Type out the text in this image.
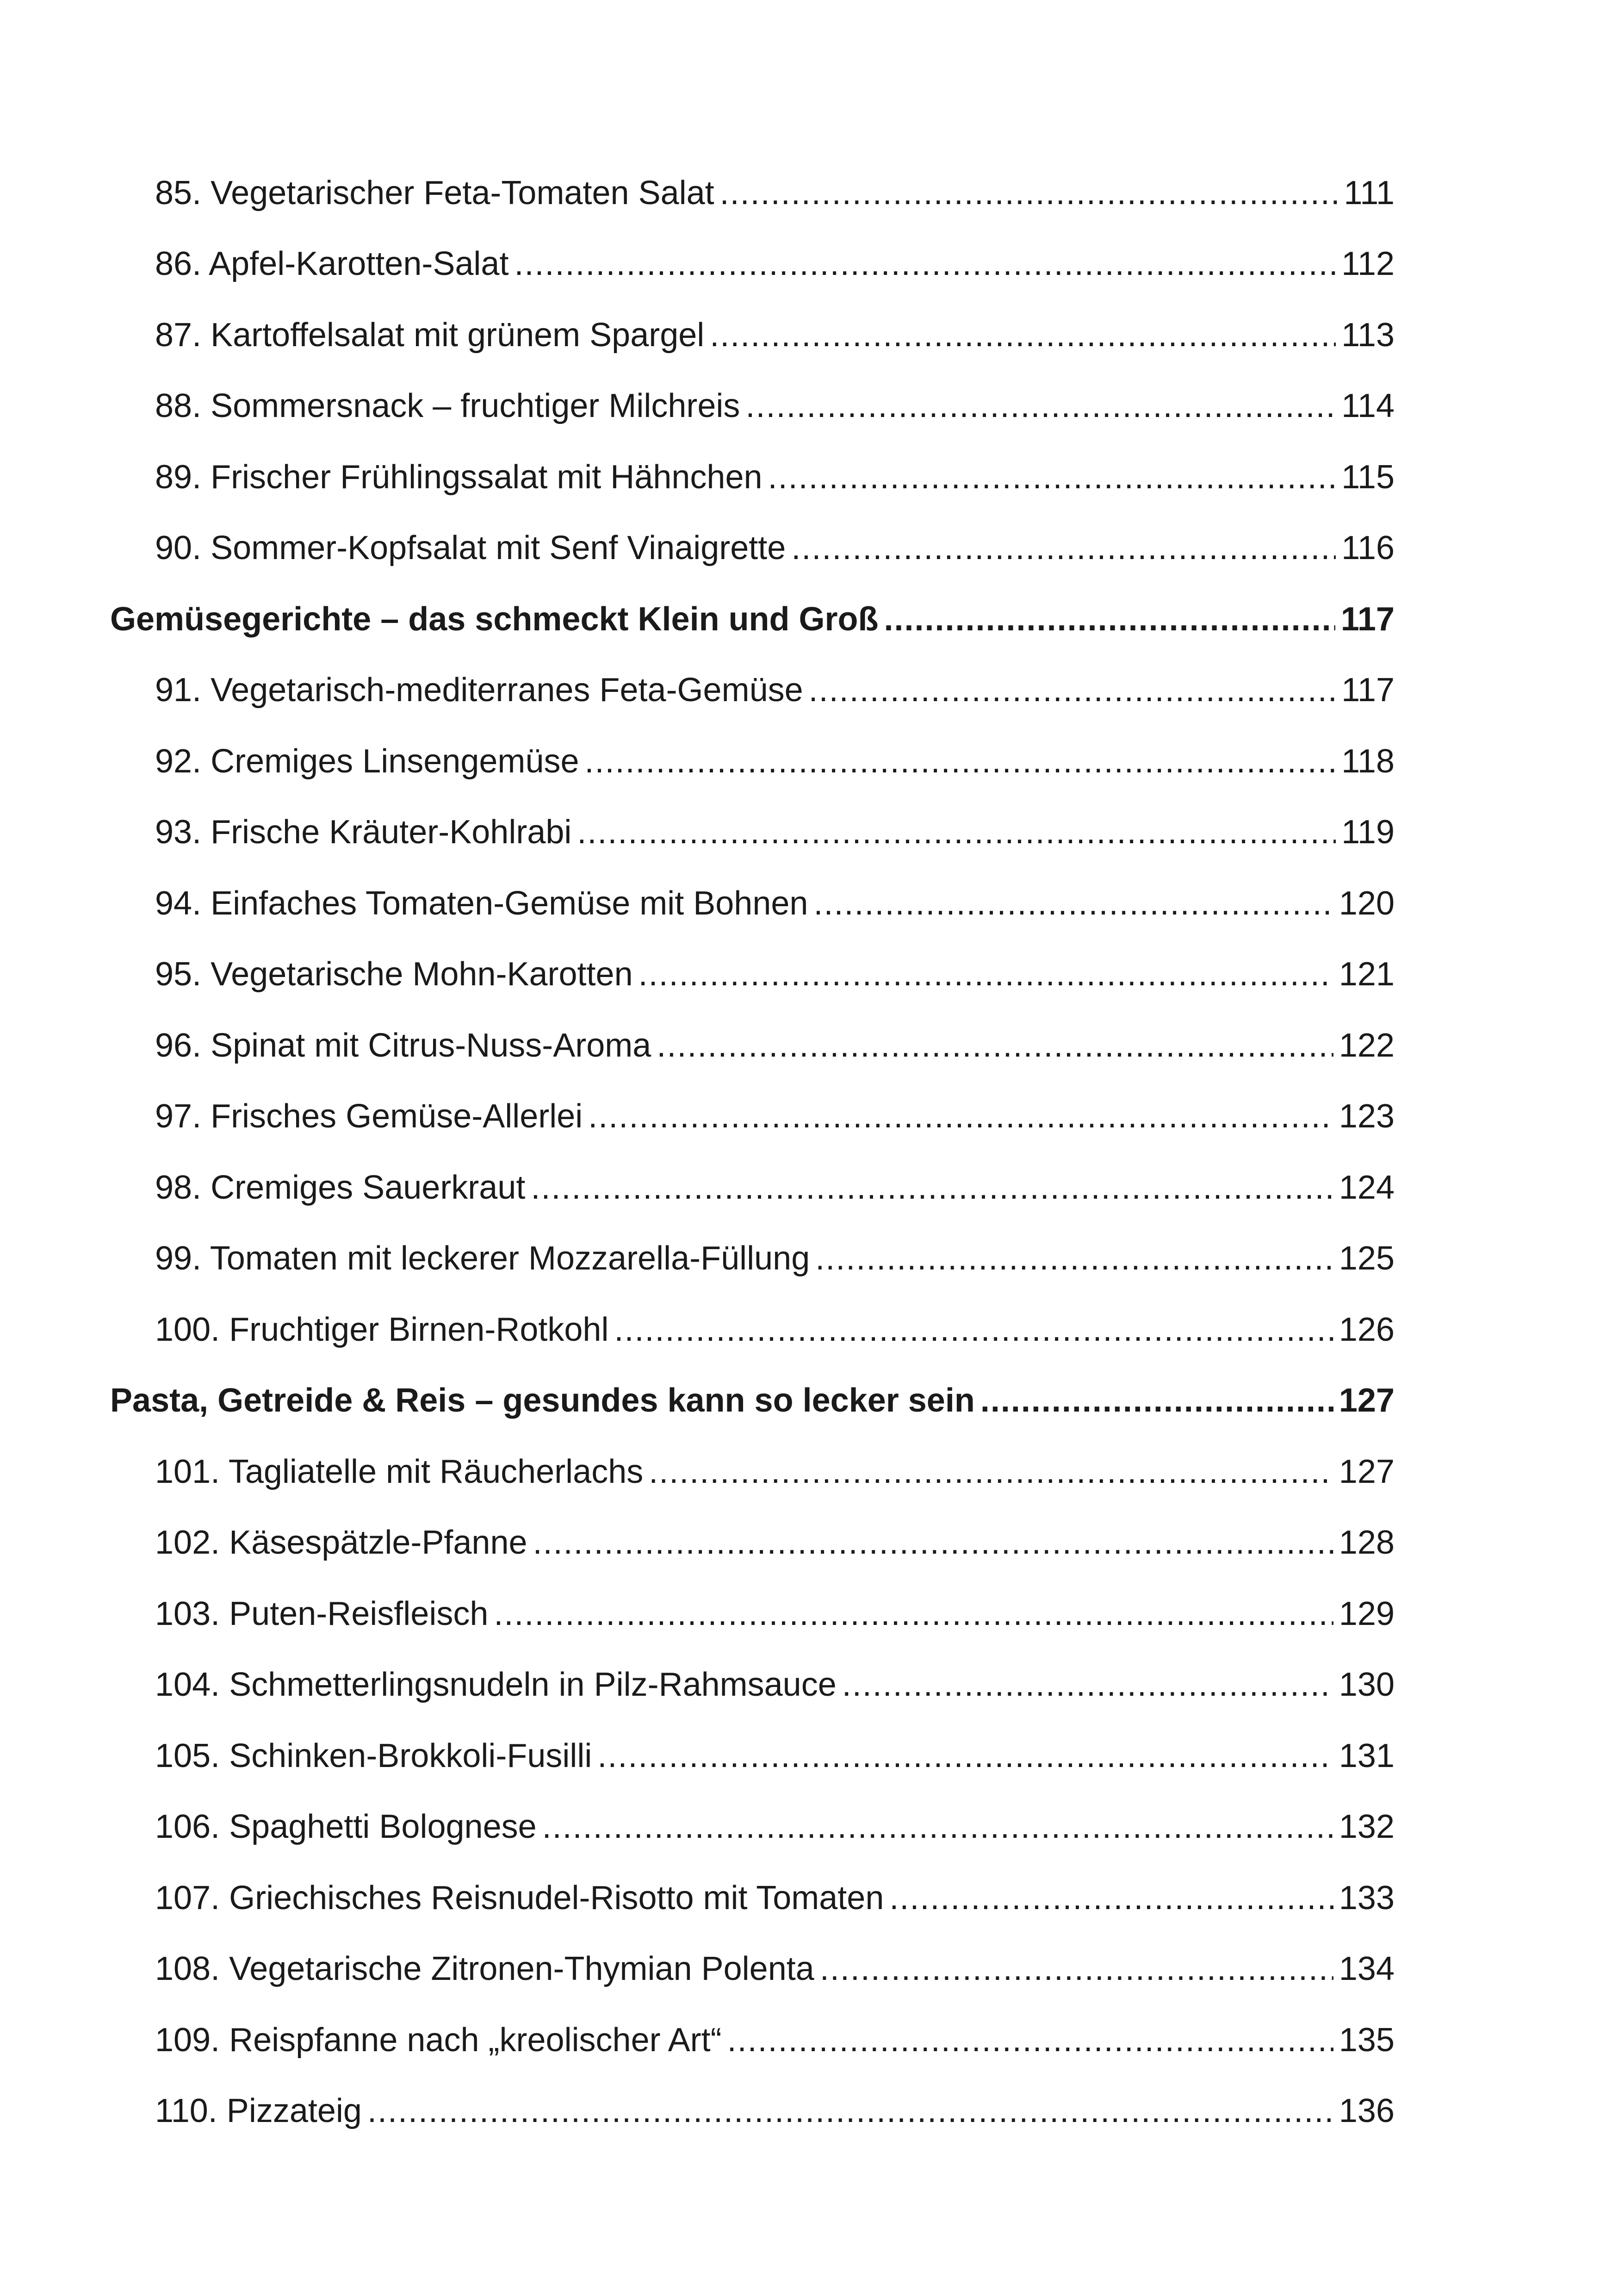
85. Vegetarischer Feta-Tomaten Salat .....	111
86. Apfel-Karotten-Salat .....	112
87. Kartoffelsalat mit grünem Spargel .....	113
88. Sommersnack – fruchtiger Milchreis .....	114
89. Frischer Frühlingssalat mit Hähnchen .....	115
90. Sommer-Kopfsalat mit Senf Vinaigrette .....	116
Gemüsegerichte – das schmeckt Klein und Groß .....	117
91. Vegetarisch-mediterranes Feta-Gemüse .....	117
92. Cremiges Linsengemüse .....	118
93. Frische Kräuter-Kohlrabi .....	119
94. Einfaches Tomaten-Gemüse mit Bohnen .....	120
95. Vegetarische Mohn-Karotten .....	121
96. Spinat mit Citrus-Nuss-Aroma .....	122
97. Frisches Gemüse-Allerlei .....	123
98. Cremiges Sauerkraut .....	124
99. Tomaten mit leckerer Mozzarella-Füllung .....	125
100. Fruchtiger Birnen-Rotkohl .....	126
Pasta, Getreide & Reis – gesundes kann so lecker sein .....	127
101. Tagliatelle mit Räucherlachs .....	127
102. Käsespätzle-Pfanne .....	128
103. Puten-Reisfleisch .....	129
104. Schmetterlingsnudeln in Pilz-Rahmsauce .....	130
105. Schinken-Brokkoli-Fusilli .....	131
106. Spaghetti Bolognese .....	132
107. Griechisches Reisnudel-Risotto mit Tomaten .....	133
108. Vegetarische Zitronen-Thymian Polenta .....	134
109. Reispfanne nach „kreolischer Art“ .....	135
110. Pizzateig .....	136
